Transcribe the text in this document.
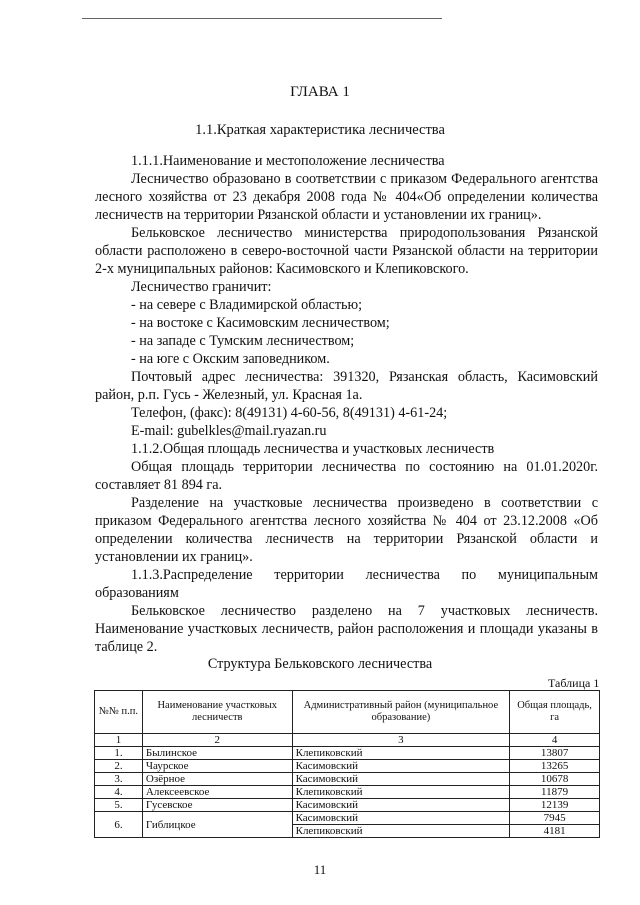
ГЛАВА 1
1.1.Краткая характеристика лесничества

1.1.1.Наименование и местоположение лесничества

Лесничество образовано в соответствии с приказом Федерального агентства лесного хозяйства от 23 декабря 2008 года № 404«Об определении количества лесничеств на территории Рязанской области и установлении их границ».

Бельковское лесничество министерства природопользования Рязанской области расположено в северо-восточной части Рязанской области на территории 2-х муниципальных районов: Касимовского и Клепиковского.

Лесничество граничит:

- на севере с Владимирской областью;

- на востоке с Касимовским лесничеством;

- на западе с Тумским лесничеством;

- на юге с Окским заповедником.

Почтовый адрес лесничества: 391320, Рязанская область, Касимовский район, р.п. Гусь - Железный, ул. Красная 1а.

Телефон, (факс): 8(49131) 4-60-56, 8(49131) 4-61-24;

E-mail: gubelkles@mail.ryazan.ru

1.1.2.Общая площадь лесничества и участковых лесничеств

Общая площадь территории лесничества по состоянию на 01.01.2020г. составляет 81 894 га.

Разделение на участковые лесничества произведено в соответствии с приказом Федерального агентства лесного хозяйства № 404 от 23.12.2008 «Об определении количества лесничеств на территории Рязанской области и установлении их границ».

1.1.3.Распределение территории лесничества по муниципальным образованиям

Бельковское лесничество разделено на 7 участковых лесничеств. Наименование участковых лесничеств, район расположения и площади указаны в таблице 2.

Структура Бельковского лесничества
Таблица 1
№№ п.п.	Наименование участковых лесничеств	Административный район (муниципальное образование)	Общая площадь, га
1	2	3	4
1.	Былинское	Клепиковский	13807
2.	Чаурское	Касимовский	13265
3.	Озёрное	Касимовский	10678
4.	Алексеевское	Клепиковский	11879
5.	Гусевское	Касимовский	12139
6.	Гиблицкое	Касимовский	7945
		Клепиковский	4181
11
